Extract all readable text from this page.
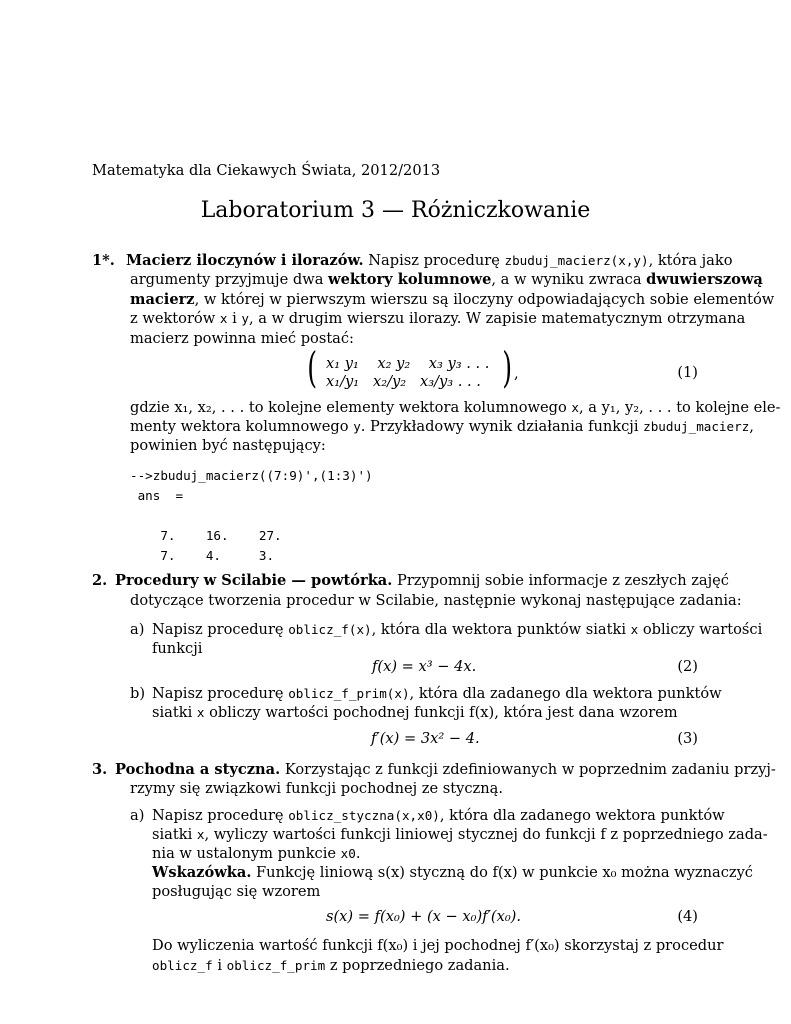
Matematyka dla Ciekawych Świata, 2012/2013
Laboratorium 3 — Różniczkowanie
1*. Macierz iloczynów i ilorazów. Napisz procedurę zbuduj_macierz(x,y), która jako
argumenty przyjmuje dwa wektory kolumnowe, a w wyniku zwraca dwuwierszową
macierz, w której w pierwszym wierszu są iloczyny odpowiadających sobie elementów
z wektorów x i y, a w drugim wierszu ilorazy. W zapisie matematycznym otrzymana
macierz powinna mieć postać:
( x₁ y₁    x₂ y₂    x₃ y₃ . . .
x₁/y₁   x₂/y₂   x₃/y₃ . . . ) ,	(1)
gdzie x₁, x₂, . . . to kolejne elementy wektora kolumnowego x, a y₁, y₂, . . . to kolejne ele-
menty wektora kolumnowego y. Przykładowy wynik działania funkcji zbuduj_macierz,
powinien być następujący:
-->zbuduj_macierz((7:9)',(1:3)')
ans  =

7.    16.    27.
7.    4.     3.
2. Procedury w Scilabie — powtórka. Przypomnij sobie informacje z zeszłych zajęć
dotyczące tworzenia procedur w Scilabie, następnie wykonaj następujące zadania:
a) Napisz procedurę oblicz_f(x), która dla wektora punktów siatki x obliczy wartości
funkcji
f(x) = x³ − 4x.	(2)
b) Napisz procedurę oblicz_f_prim(x), która dla zadanego dla wektora punktów
siatki x obliczy wartości pochodnej funkcji f(x), która jest dana wzorem
f′(x) = 3x² − 4.	(3)
3. Pochodna a styczna. Korzystając z funkcji zdefiniowanych w poprzednim zadaniu przyj-
rzymy się związkowi funkcji pochodnej ze styczną.
a) Napisz procedurę oblicz_styczna(x,x0), która dla zadanego wektora punktów
siatki x, wyliczy wartości funkcji liniowej stycznej do funkcji f z poprzedniego zada-
nia w ustalonym punkcie x0.
Wskazówka. Funkcję liniową s(x) styczną do f(x) w punkcie x₀ można wyznaczyć
posługując się wzorem
s(x) = f(x₀) + (x − x₀)f′(x₀).	(4)
Do wyliczenia wartość funkcji f(x₀) i jej pochodnej f′(x₀) skorzystaj z procedur
oblicz_f i oblicz_f_prim z poprzedniego zadania.
